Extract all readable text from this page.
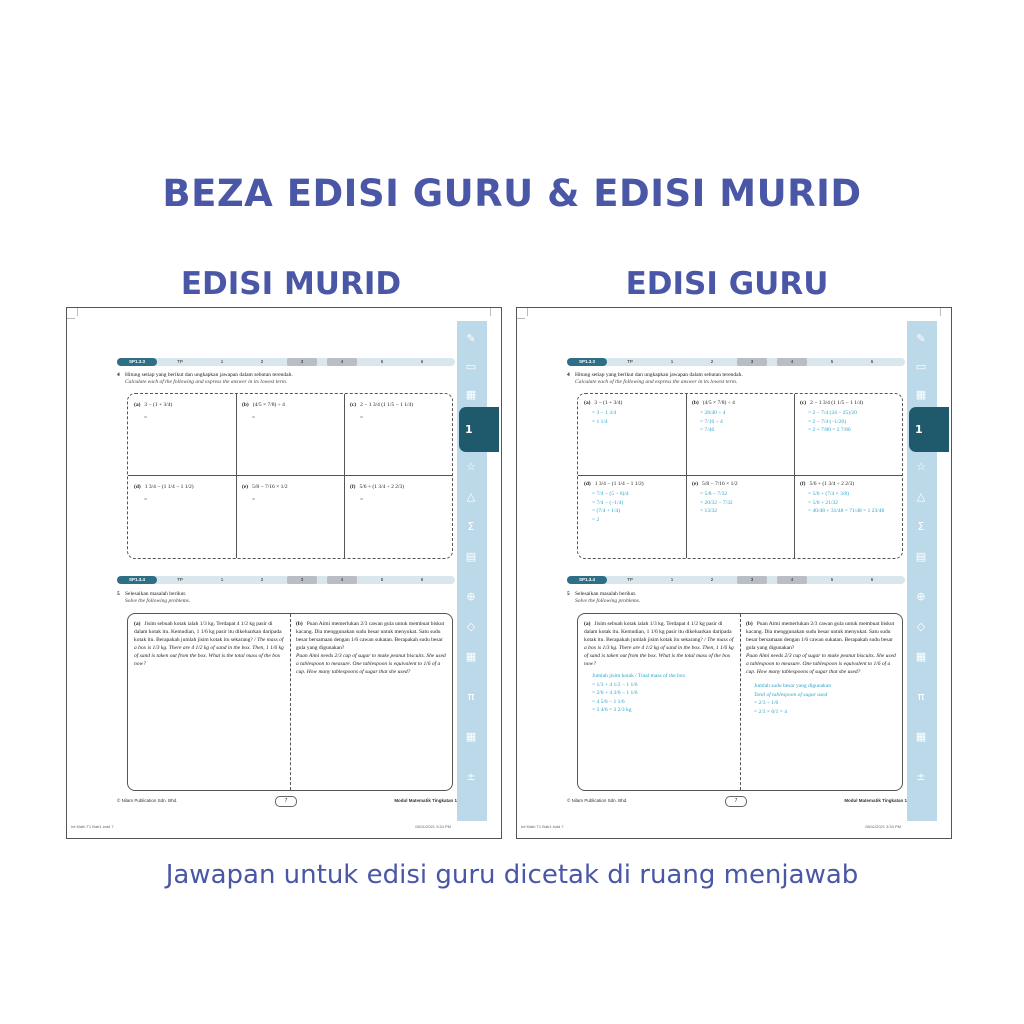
BEZA EDISI GURU & EDISI MURID
EDISI MURID	EDISI GURU
✎
▭
▦
☆
△
Σ
▤
⊕
◇
▦
π
▦
±
1
SP1.3.3	TP	1	2	3	4	5	6
4 Hitung setiap yang berikut dan ungkapkan jawapan dalam sebutan terendah.
Calculate each of the following and express the answer in its lowest term.
(a) 3 − (1 + 3/4)
=
(b) (4/5 × 7/8) ÷ 4
=
(c) 2 − 1 3/4 (1 1/5 − 1 1/4)
=
(d) 1 3/4 − (1 1/4 − 1 1/2)
=
(e) 5/8 − 7/16 × 1/2
=
(f) 5/6 + (1 3/4 ÷ 2 2/3)
=
SP1.3.4	TP	1	2	3	4	5	6
5 Selesaikan masalah berikut.
Solve the following problems.
(a) Jisim sebuah kotak ialah 1/3 kg. Terdapat 4 1/2 kg pasir di dalam kotak itu. Kemudian, 1 1/6 kg pasir itu dikeluarkan daripada kotak itu. Berapakah jumlah jisim kotak itu sekarang? / The mass of a box is 1/3 kg. There are 4 1/2 kg of sand in the box. Then, 1 1/6 kg of sand is taken out from the box. What is the total mass of the box now?
(b) Puan Aimi memerlukan 2/3 cawan gula untuk membuat biskut kacang. Dia menggunakan sudu besar untuk menyukat. Satu sudu besar bersamaan dengan 1/6 cawan sukatan. Berapakah sudu besar gula yang digunakan?
Puan Aimi needs 2/3 cup of sugar to make peanut biscuits. She used a tablespoon to measure. One tablespoon is equivalent to 1/6 of a cup. How many tablespoons of sugar that she used?
© Nilam Publication Sdn. Bhd.	Modul Matematik Tingkatan 1
7
Int Math T1 Bab1.indd 7	08/11/2021 3:34 PM
✎
▭
▦
☆
△
Σ
▤
⊕
◇
▦
π
▦
±
1
SP1.3.3	TP	1	2	3	4	5	6
4 Hitung setiap yang berikut dan ungkapkan jawapan dalam sebutan terendah.
Calculate each of the following and express the answer in its lowest term.
(a) 3 − (1 + 3/4)
= 3 − 1 3/4
= 1 1/4
(b) (4/5 × 7/8) ÷ 4
= 28/40 ÷ 4
= 7/10 ÷ 4
= 7/40
(c) 2 − 1 3/4 (1 1/5 − 1 1/4)
= 2 − 7/4 (24 − 25)/20
= 2 − 7/4 (−1/20)
= 2 + 7/80 = 2 7/80
(d) 1 3/4 − (1 1/4 − 1 1/2)
= 7/4 − (5 − 6)/4
= 7/4 − (−1/4)
= (7/4 + 1/4)
= 2
(e) 5/8 − 7/16 × 1/2
= 5/8 − 7/32
= 20/32 − 7/32
= 13/32
(f) 5/6 + (1 3/4 ÷ 2 2/3)
= 5/6 + (7/4 × 3/8)
= 5/6 + 21/32
= 40/48 + 31/48 = 71/48 = 1 23/48
SP1.3.4	TP	1	2	3	4	5	6
5 Selesaikan masalah berikut.
Solve the following problems.
(a) Jisim sebuah kotak ialah 1/3 kg. Terdapat 4 1/2 kg pasir di dalam kotak itu. Kemudian, 1 1/6 kg pasir itu dikeluarkan daripada kotak itu. Berapakah jumlah jisim kotak itu sekarang? / The mass of a box is 1/3 kg. There are 4 1/2 kg of sand in the box. Then, 1 1/6 kg of sand is taken out from the box. What is the total mass of the box now?
Jumlah jisim kotak / Total mass of the box
= 1/3 + 4 1/2 − 1 1/6
= 2/6 + 4 3/6 − 1 1/6
= 4 5/6 − 1 1/6
= 3 4/6 = 3 2/3 kg
(b) Puan Aimi memerlukan 2/3 cawan gula untuk membuat biskut kacang. Dia menggunakan sudu besar untuk menyukat. Satu sudu besar bersamaan dengan 1/6 cawan sukatan. Berapakah sudu besar gula yang digunakan?
Puan Aimi needs 2/3 cup of sugar to make peanut biscuits. She used a tablespoon to measure. One tablespoon is equivalent to 1/6 of a cup. How many tablespoons of sugar that she used?
Jumlah sudu besar yang digunakan
Total of tablespoon of sugar used
= 2/3 ÷ 1/6
= 2/3 × 6/1 = 4
© Nilam Publication Sdn. Bhd.	Modul Matematik Tingkatan 1
7
Int Math T1 Bab1.indd 7	08/11/2021 3:34 PM
Jawapan untuk edisi guru dicetak di ruang menjawab
